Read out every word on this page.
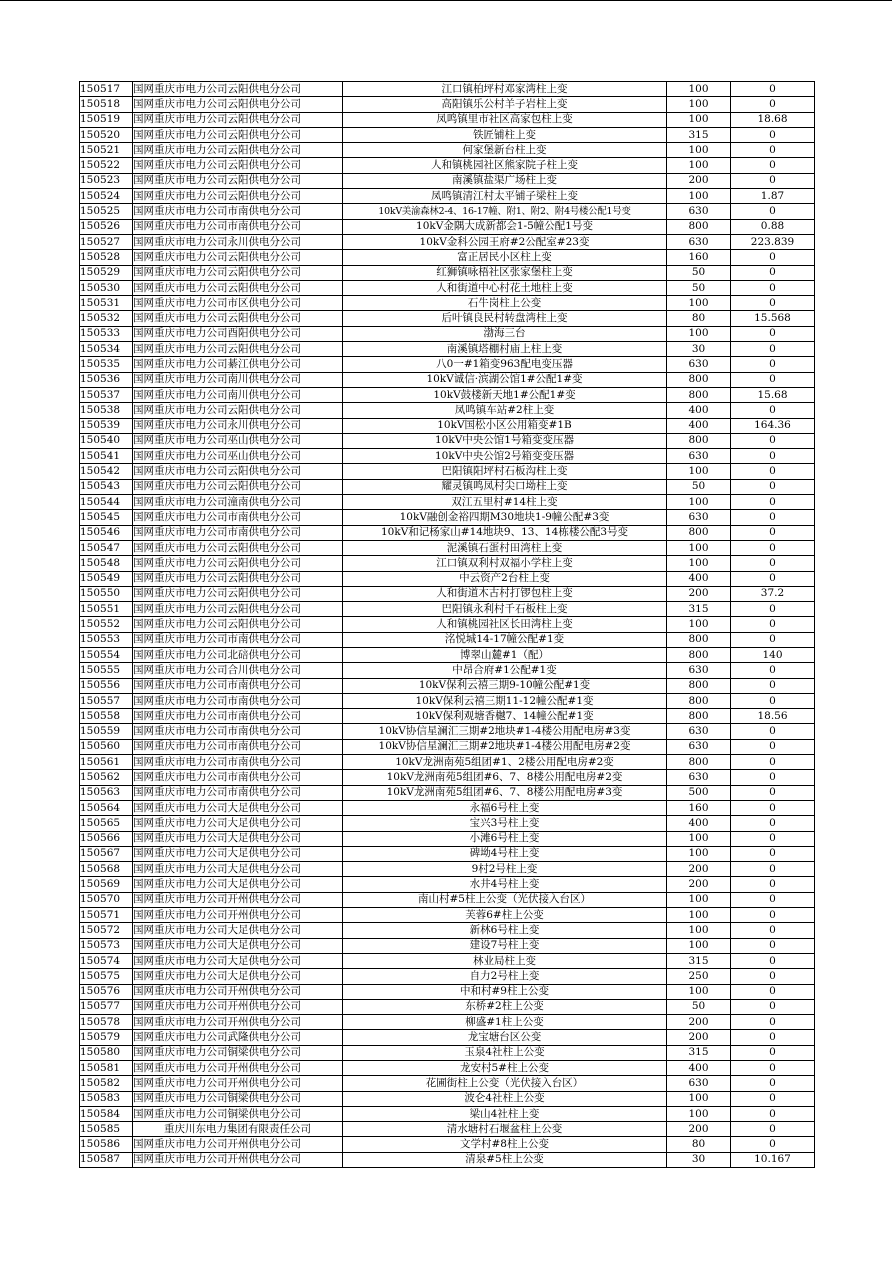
150517	国网重庆市电力公司云阳供电分公司	江口镇柏坪村邓家湾柱上变	100	0
150518	国网重庆市电力公司云阳供电分公司	高阳镇乐公村羊子岩柱上变	100	0
150519	国网重庆市电力公司云阳供电分公司	凤鸣镇里市社区高家包柱上变	100	18.68
150520	国网重庆市电力公司云阳供电分公司	铁匠铺柱上变	315	0
150521	国网重庆市电力公司云阳供电分公司	何家堡新台柱上变	100	0
150522	国网重庆市电力公司云阳供电分公司	人和镇桃园社区熊家院子柱上变	100	0
150523	国网重庆市电力公司云阳供电分公司	南溪镇盐渠广场柱上变	200	0
150524	国网重庆市电力公司云阳供电分公司	凤鸣镇清江村太平铺子梁柱上变	100	1.87
150525	国网重庆市电力公司市南供电分公司	10kV美渝森林2-4、16-17幢、附1、附2、附4号楼公配1号变	630	0
150526	国网重庆市电力公司市南供电分公司	10kV金隅大成新都会1-5幢公配1号变	800	0.88
150527	国网重庆市电力公司永川供电分公司	10kV金科公园王府#2公配室#23变	630	223.839
150528	国网重庆市电力公司云阳供电分公司	富正居民小区柱上变	160	0
150529	国网重庆市电力公司云阳供电分公司	红狮镇咏梧社区张家堡柱上变	50	0
150530	国网重庆市电力公司云阳供电分公司	人和街道中心村花土地柱上变	50	0
150531	国网重庆市电力公司市区供电分公司	石牛岗柱上公变	100	0
150532	国网重庆市电力公司云阳供电分公司	后叶镇良民村转盘湾柱上变	80	15.568
150533	国网重庆市电力公司酉阳供电分公司	渤海三台	100	0
150534	国网重庆市电力公司云阳供电分公司	南溪镇塔棚村庙上柱上变	30	0
150535	国网重庆市电力公司綦江供电分公司	八0一#1箱变963配电变压器	630	0
150536	国网重庆市电力公司南川供电分公司	10kV诚信·滨湖公馆1#公配1#变	800	0
150537	国网重庆市电力公司南川供电分公司	10kV鼓楼新天地1#公配1#变	800	15.68
150538	国网重庆市电力公司云阳供电分公司	凤鸣镇车站#2柱上变	400	0
150539	国网重庆市电力公司永川供电分公司	10kV国松小区公用箱变#1B	400	164.36
150540	国网重庆市电力公司巫山供电分公司	10kV中央公馆1号箱变变压器	800	0
150541	国网重庆市电力公司巫山供电分公司	10kV中央公馆2号箱变变压器	630	0
150542	国网重庆市电力公司云阳供电分公司	巴阳镇阳坪村石板沟柱上变	100	0
150543	国网重庆市电力公司云阳供电分公司	耀灵镇鸣凤村尖口坳柱上变	50	0
150544	国网重庆市电力公司潼南供电分公司	双江五里村#14柱上变	100	0
150545	国网重庆市电力公司市南供电分公司	10kV融创金裕四期M30地块1-9幢公配#3变	630	0
150546	国网重庆市电力公司市南供电分公司	10kV和记杨家山#14地块9、13、14栋楼公配3号变	800	0
150547	国网重庆市电力公司云阳供电分公司	泥溪镇石蛋村田湾柱上变	100	0
150548	国网重庆市电力公司云阳供电分公司	江口镇双利村双福小学柱上变	100	0
150549	国网重庆市电力公司云阳供电分公司	中云资产2台柱上变	400	0
150550	国网重庆市电力公司云阳供电分公司	人和街道木古村打锣包柱上变	200	37.2
150551	国网重庆市电力公司云阳供电分公司	巴阳镇永利村千石板柱上变	315	0
150552	国网重庆市电力公司云阳供电分公司	人和镇桃园社区长田湾柱上变	100	0
150553	国网重庆市电力公司市南供电分公司	洺悦城14-17幢公配#1变	800	0
150554	国网重庆市电力公司北碚供电分公司	博翠山麓#1（配）	800	140
150555	国网重庆市电力公司合川供电分公司	中昂合府#1公配#1变	630	0
150556	国网重庆市电力公司市南供电分公司	10kV保利云禧三期9-10幢公配#1变	800	0
150557	国网重庆市电力公司市南供电分公司	10kV保利云禧三期11-12幢公配#1变	800	0
150558	国网重庆市电力公司市南供电分公司	10kV保利观塘香樾7、14幢公配#1变	800	18.56
150559	国网重庆市电力公司市南供电分公司	10kV协信星澜汇三期#2地块#1-4楼公用配电房#3变	630	0
150560	国网重庆市电力公司市南供电分公司	10kV协信星澜汇三期#2地块#1-4楼公用配电房#2变	630	0
150561	国网重庆市电力公司市南供电分公司	10kV龙洲南苑5组团#1、2楼公用配电房#2变	800	0
150562	国网重庆市电力公司市南供电分公司	10kV龙洲南苑5组团#6、7、8楼公用配电房#2变	630	0
150563	国网重庆市电力公司市南供电分公司	10kV龙洲南苑5组团#6、7、8楼公用配电房#3变	500	0
150564	国网重庆市电力公司大足供电分公司	永福6号柱上变	160	0
150565	国网重庆市电力公司大足供电分公司	宝兴3号柱上变	400	0
150566	国网重庆市电力公司大足供电分公司	小滩6号柱上变	100	0
150567	国网重庆市电力公司大足供电分公司	碑坳4号柱上变	100	0
150568	国网重庆市电力公司大足供电分公司	9村2号柱上变	200	0
150569	国网重庆市电力公司大足供电分公司	水井4号柱上变	200	0
150570	国网重庆市电力公司开州供电分公司	南山村#5柱上公变（光伏接入台区）	100	0
150571	国网重庆市电力公司开州供电分公司	芙蓉6#柱上公变	100	0
150572	国网重庆市电力公司大足供电分公司	新林6号柱上变	100	0
150573	国网重庆市电力公司大足供电分公司	建设7号柱上变	100	0
150574	国网重庆市电力公司大足供电分公司	林业局柱上变	315	0
150575	国网重庆市电力公司大足供电分公司	自力2号柱上变	250	0
150576	国网重庆市电力公司开州供电分公司	中和村#9柱上公变	100	0
150577	国网重庆市电力公司开州供电分公司	东桥#2柱上公变	50	0
150578	国网重庆市电力公司开州供电分公司	柳盛#1柱上公变	200	0
150579	国网重庆市电力公司武隆供电分公司	龙宝塘台区公变	200	0
150580	国网重庆市电力公司铜梁供电分公司	玉泉4社柱上公变	315	0
150581	国网重庆市电力公司开州供电分公司	龙安村5#柱上公变	400	0
150582	国网重庆市电力公司开州供电分公司	花圃街柱上公变（光伏接入台区）	630	0
150583	国网重庆市电力公司铜梁供电分公司	波仑4社柱上公变	100	0
150584	国网重庆市电力公司铜梁供电分公司	梁山4社柱上变	100	0
150585	重庆川东电力集团有限责任公司	清水塘村石堰盆柱上公变	200	0
150586	国网重庆市电力公司开州供电分公司	文学村#8柱上公变	80	0
150587	国网重庆市电力公司开州供电分公司	清泉#5柱上公变	30	10.167
